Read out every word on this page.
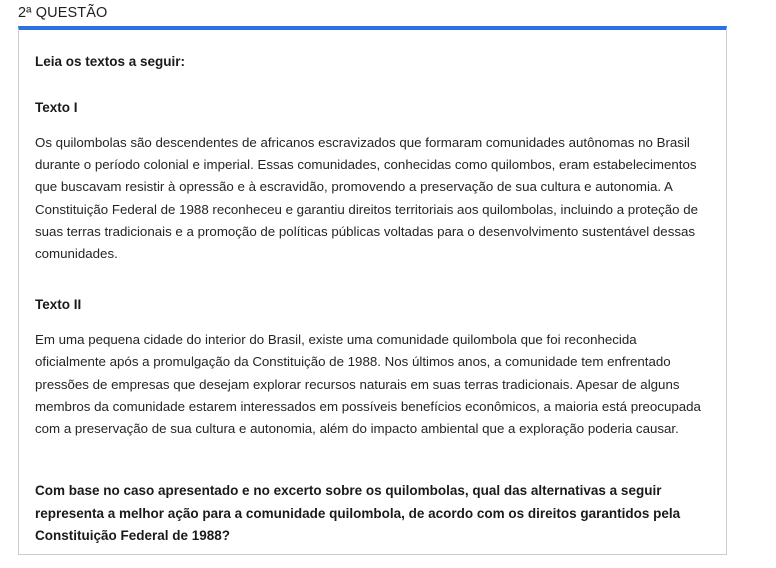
2ª QUESTÃO

Leia os textos a seguir:

Texto I

Os quilombolas são descendentes de africanos escravizados que formaram comunidades autônomas no Brasil durante o período colonial e imperial. Essas comunidades, conhecidas como quilombos, eram estabelecimentos que buscavam resistir à opressão e à escravidão, promovendo a preservação de sua cultura e autonomia. A Constituição Federal de 1988 reconheceu e garantiu direitos territoriais aos quilombolas, incluindo a proteção de suas terras tradicionais e a promoção de políticas públicas voltadas para o desenvolvimento sustentável dessas comunidades.

Texto II

Em uma pequena cidade do interior do Brasil, existe uma comunidade quilombola que foi reconhecida oficialmente após a promulgação da Constituição de 1988. Nos últimos anos, a comunidade tem enfrentado pressões de empresas que desejam explorar recursos naturais em suas terras tradicionais. Apesar de alguns membros da comunidade estarem interessados em possíveis benefícios econômicos, a maioria está preocupada com a preservação de sua cultura e autonomia, além do impacto ambiental que a exploração poderia causar.

Com base no caso apresentado e no excerto sobre os quilombolas, qual das alternativas a seguir representa a melhor ação para a comunidade quilombola, de acordo com os direitos garantidos pela Constituição Federal de 1988?
